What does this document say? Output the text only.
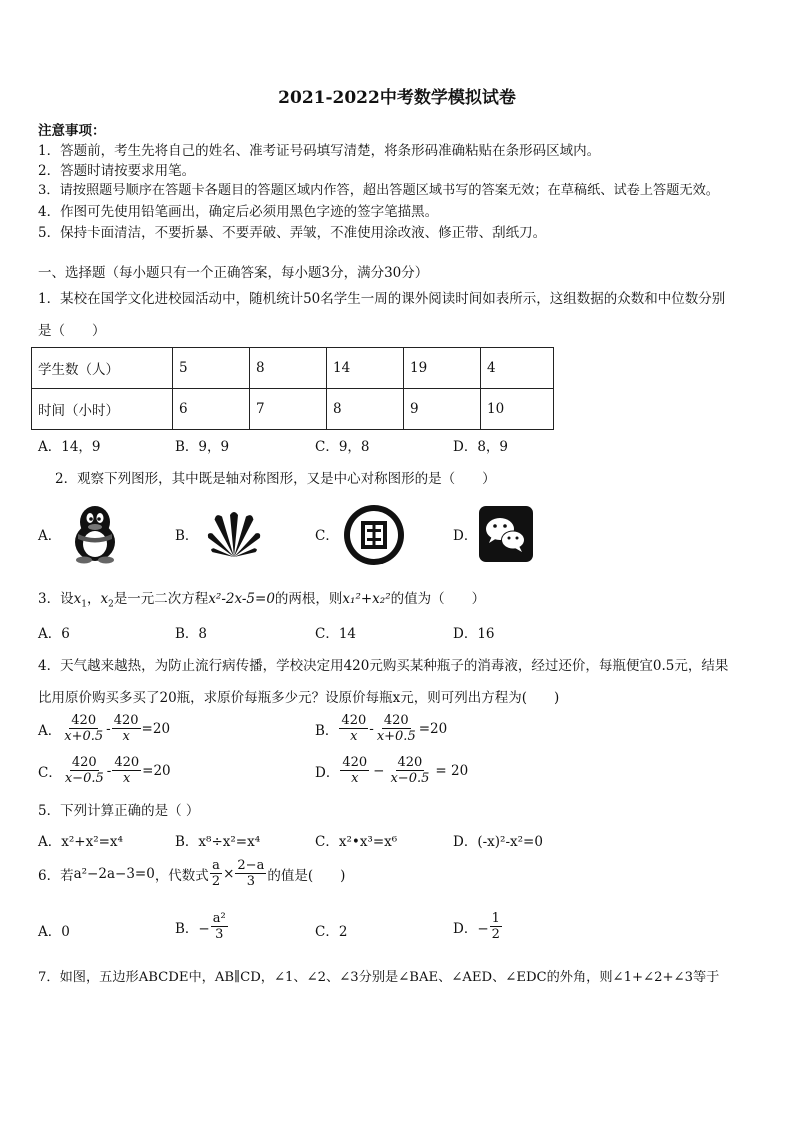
2021-2022中考数学模拟试卷
注意事项：
1．答题前，考生先将自己的姓名、准考证号码填写清楚，将条形码准确粘贴在条形码区域内。
2．答题时请按要求用笔。
3．请按照题号顺序在答题卡各题目的答题区域内作答，超出答题区域书写的答案无效；在草稿纸、试卷上答题无效。
4．作图可先使用铅笔画出，确定后必须用黑色字迹的签字笔描黑。
5．保持卡面清洁，不要折暴、不要弄破、弄皱，不准使用涂改液、修正带、刮纸刀。
一、选择题（每小题只有一个正确答案，每小题3分，满分30分）
1．某校在国学文化进校园活动中，随机统计50名学生一周的课外阅读时间如表所示，这组数据的众数和中位数分别
是（　　）
学生数（人）	5	8	14	19	4
时间（小时）	6	7	8	9	10
A．14，9	B．9，9	C．9，8	D．8，9
2．观察下列图形，其中既是轴对称图形，又是中心对称图形的是（　　）
A．	B．	C．	D．
3．设$x_1$，$x_2$是一元二次方程x²-2x-5=0的两根，则x₁²+x₂²的值为（　　）
A．6	B．8	C．14	D．16
4．天气越来越热，为防止流行病传播，学校决定用420元购买某种瓶子的消毒液，经过还价，每瓶便宜0.5元，结果
比用原价购买多买了20瓶，求原价每瓶多少元？设原价每瓶x元，则可列出方程为(　　)
A． $\frac{420}{x+0.5} - \frac{420}{x} =20$	B． $\frac{420}{x} - \frac{420}{x+0.5} =20$
C． $\frac{420}{x-0.5} - \frac{420}{x} =20$	D． $\frac{420}{x} - \frac{420}{x-0.5} = 20$
5．下列计算正确的是（ ）
A．x²+x²=x⁴	B．x⁸÷x²=x⁴	C．x²•x³=x⁶	D．(-x)²-x²=0
6．若 a²−2a−3=0 ，代数式 $\frac{a}{2} \times \frac{2-a}{3}$ 的值是(　　)
A．0	B．− $\frac{\text{a²}}{3}$	C．2	D．− $\frac{1}{2}$
7．如图，五边形ABCDE中，AB∥CD，∠1、∠2、∠3分别是∠BAE、∠AED、∠EDC的外角，则∠1+∠2+∠3等于
